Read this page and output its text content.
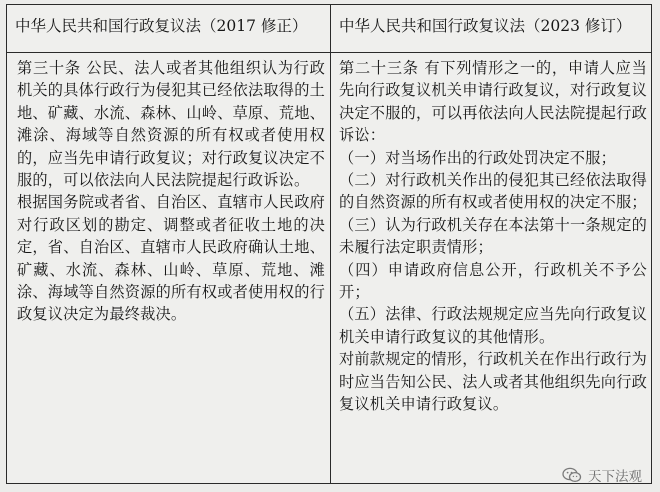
中华人民共和国行政复议法（2017 修正）	中华人民共和国行政复议法（2023 修订）

第三十条 公民、法人或者其他组织认为行政机关的具体行政行为侵犯其已经依法取得的土地、矿藏、水流、森林、山岭、草原、荒地、滩涂、海域等自然资源的所有权或者使用权的，应当先申请行政复议；对行政复议决定不服的，可以依法向人民法院提起行政诉讼。

根据国务院或者省、自治区、直辖市人民政府对行政区划的勘定、调整或者征收土地的决定，省、自治区、直辖市人民政府确认土地、矿藏、水流、森林、山岭、草原、荒地、滩涂、海域等自然资源的所有权或者使用权的行政复议决定为最终裁决。

第二十三条 有下列情形之一的，申请人应当先向行政复议机关申请行政复议，对行政复议决定不服的，可以再依法向人民法院提起行政诉讼：

（一）对当场作出的行政处罚决定不服；

（二）对行政机关作出的侵犯其已经依法取得的自然资源的所有权或者使用权的决定不服；

（三）认为行政机关存在本法第十一条规定的未履行法定职责情形；

（四）申请政府信息公开，行政机关不予公开；

（五）法律、行政法规规定应当先向行政复议机关申请行政复议的其他情形。

对前款规定的情形，行政机关在作出行政行为时应当告知公民、法人或者其他组织先向行政复议机关申请行政复议。

天下法观
